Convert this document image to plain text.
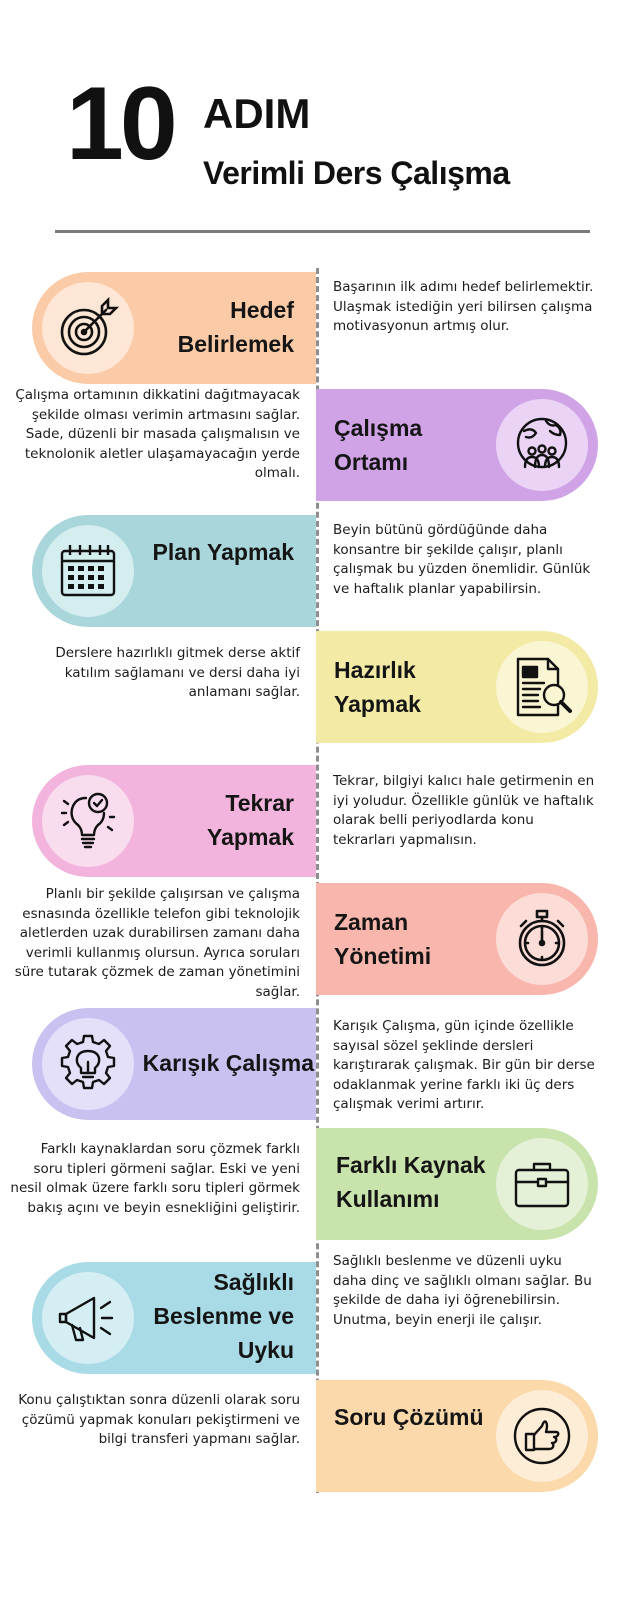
10 ADIM
Verimli Ders Çalışma
Hedef
Belirlemek
Başarının ilk adımı hedef belirlemektir. Ulaşmak istediğin yeri bilirsen çalışma motivasyonun artmış olur.
Çalışma ortamının dikkatini dağıtmayacak şekilde olması verimin artmasını sağlar. Sade, düzenli bir masada çalışmalısın ve teknolonik aletler ulaşamayacağın yerde olmalı.
Çalışma
Ortamı
Plan Yapmak
Beyin bütünü gördüğünde daha konsantre bir şekilde çalışır, planlı çalışmak bu yüzden önemlidir. Günlük ve haftalık planlar yapabilirsin.
Derslere hazırlıklı gitmek derse aktif katılım sağlamanı ve dersi daha iyi anlamanı sağlar.
Hazırlık
Yapmak
Tekrar
Yapmak
Tekrar, bilgiyi kalıcı hale getirmenin en iyi yoludur. Özellikle günlük ve haftalık olarak belli periyodlarda konu tekrarları yapmalısın.
Planlı bir şekilde çalışırsan ve çalışma esnasında özellikle telefon gibi teknolojik aletlerden uzak durabilirsen zamanı daha verimli kullanmış olursun. Ayrıca soruları süre tutarak çözmek de zaman yönetimini sağlar.
Zaman
Yönetimi
Karışık Çalışma
Karışık Çalışma, gün içinde özellikle sayısal sözel şeklinde dersleri karıştırarak çalışmak. Bir gün bir derse odaklanmak yerine farklı iki üç ders çalışmak verimi artırır.
Farklı kaynaklardan soru çözmek farklı soru tipleri görmeni sağlar. Eski ve yeni nesil olmak üzere farklı soru tipleri görmek bakış açını ve beyin esnekliğini geliştirir.
Farklı Kaynak
Kullanımı
Sağlıklı
Beslenme ve
Uyku
Sağlıklı beslenme ve düzenli uyku daha dinç ve sağlıklı olmanı sağlar. Bu şekilde de daha iyi öğrenebilirsin. Unutma, beyin enerji ile çalışır.
Konu çalıştıktan sonra düzenli olarak soru çözümü yapmak konuları pekiştirmeni ve bilgi transferi yapmanı sağlar.
Soru Çözümü
